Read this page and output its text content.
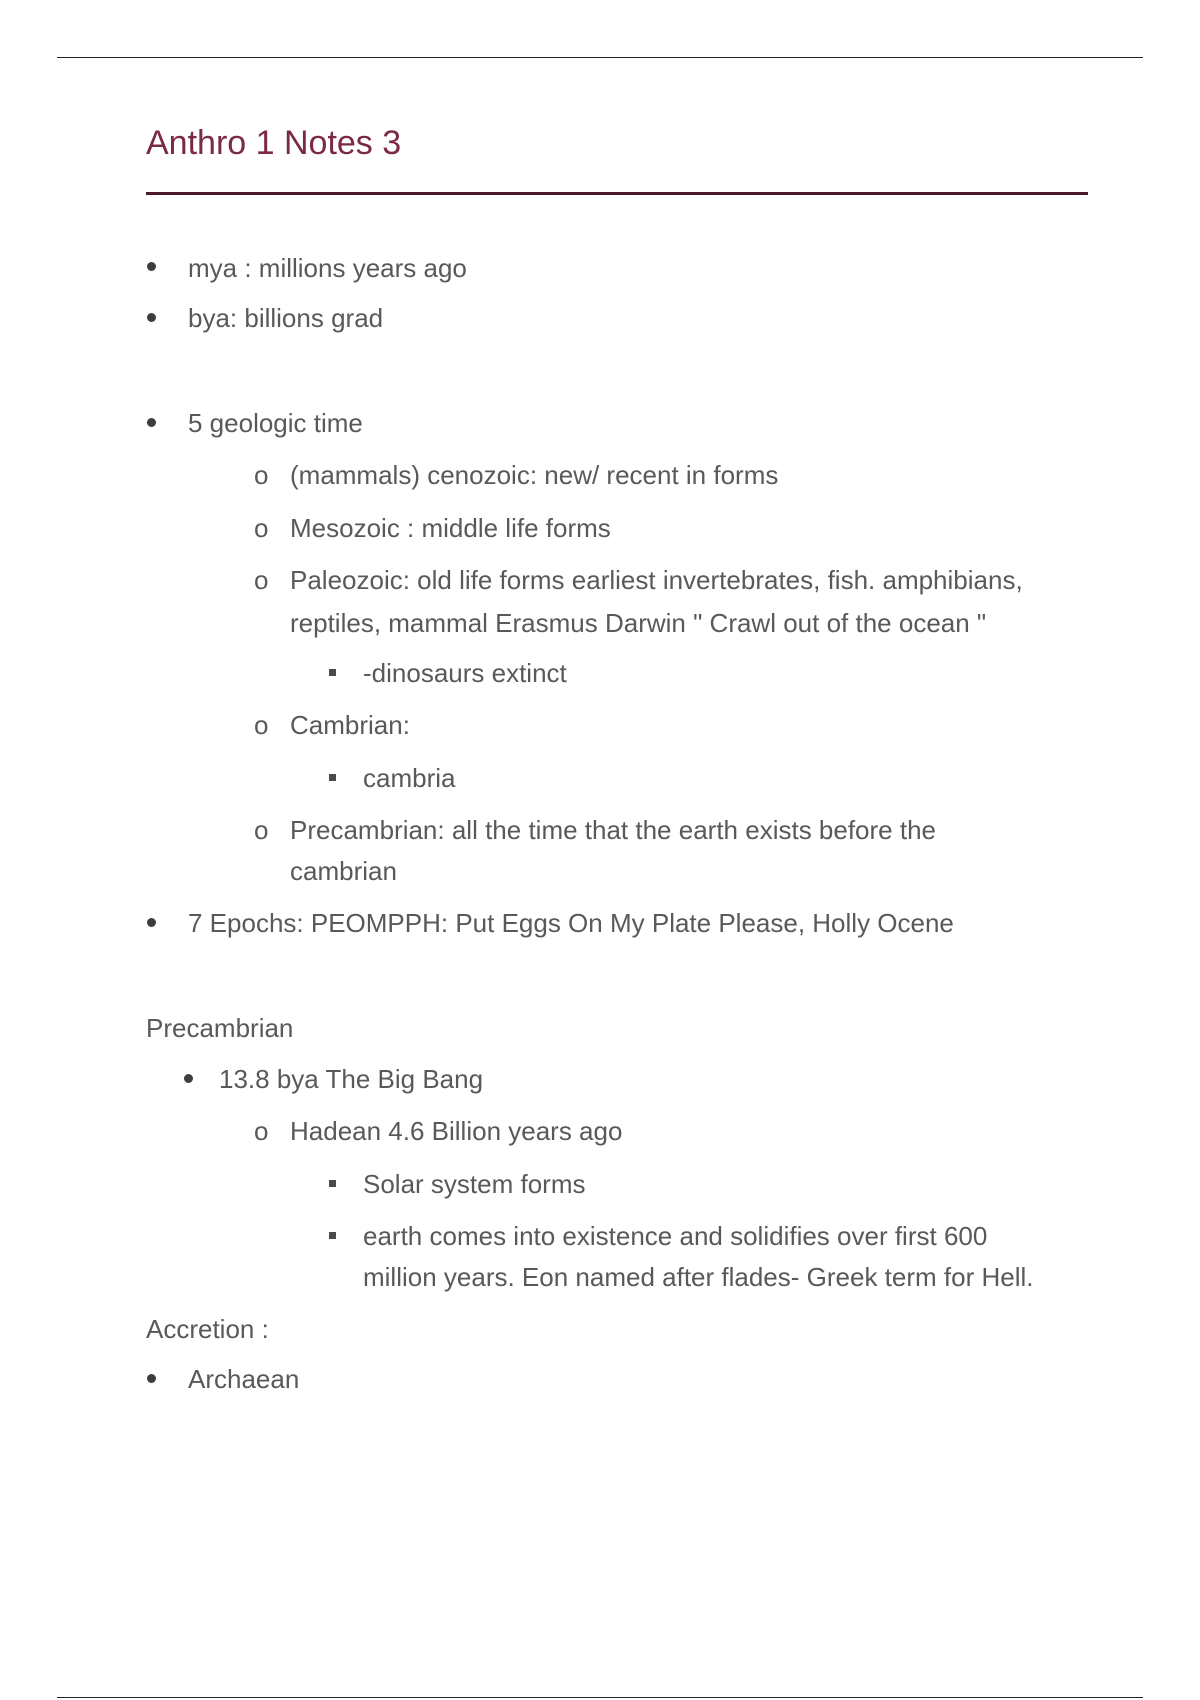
Anthro 1 Notes 3
mya : millions years ago
bya: billions grad
5 geologic time
o (mammals) cenozoic: new/ recent in forms
o Mesozoic : middle life forms
o Paleozoic: old life forms earliest invertebrates, fish. amphibians,
reptiles, mammal Erasmus Darwin " Crawl out of the ocean "
-dinosaurs extinct
o Cambrian:
cambria
o Precambrian: all the time that the earth exists before the
cambrian
7 Epochs: PEOMPPH: Put Eggs On My Plate Please, Holly Ocene
Precambrian
13.8 bya The Big Bang
o Hadean 4.6 Billion years ago
Solar system forms
earth comes into existence and solidifies over first 600
million years. Eon named after flades- Greek term for Hell.
Accretion :
Archaean
